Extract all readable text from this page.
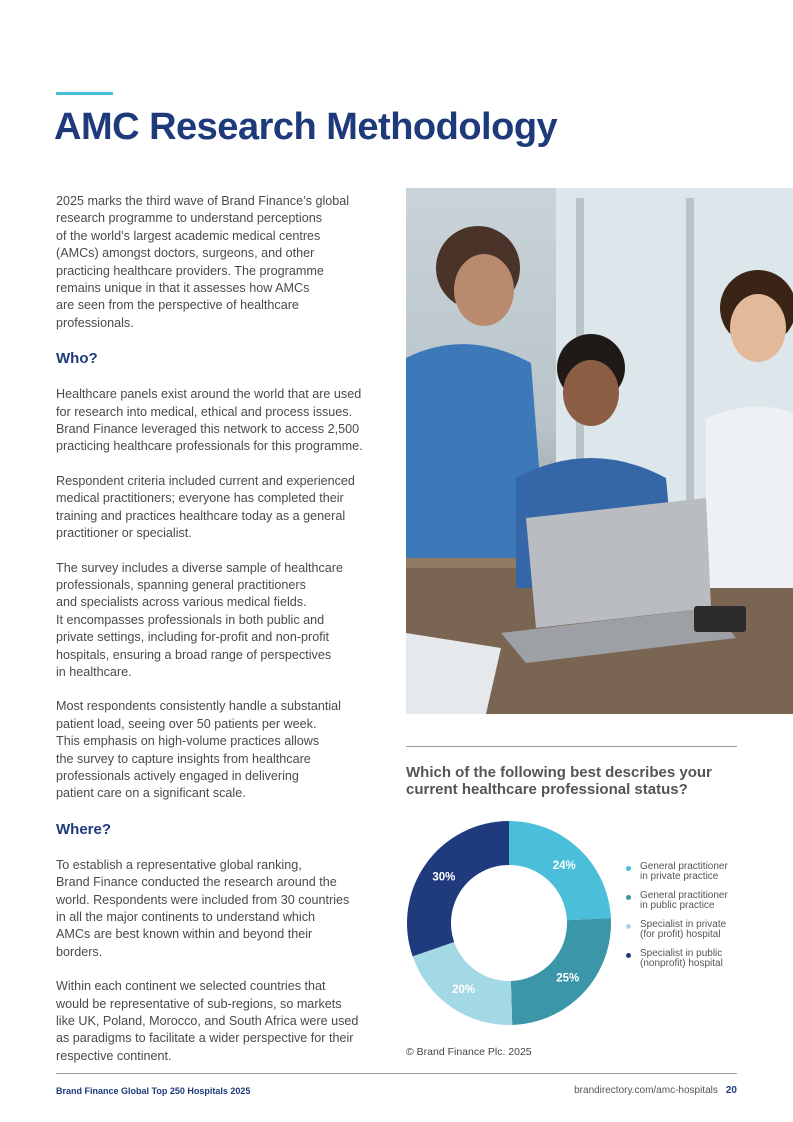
AMC Research Methodology

2025 marks the third wave of Brand Finance’s global
research programme to understand perceptions
of the world’s largest academic medical centres
(AMCs) amongst doctors, surgeons, and other
practicing healthcare providers. The programme
remains unique in that it assesses how AMCs
are seen from the perspective of healthcare
professionals.

Who?

Healthcare panels exist around the world that are used
for research into medical, ethical and process issues.
Brand Finance leveraged this network to access 2,500
practicing healthcare professionals for this programme.

Respondent criteria included current and experienced
medical practitioners; everyone has completed their
training and practices healthcare today as a general
practitioner or specialist.

The survey includes a diverse sample of healthcare
professionals, spanning general practitioners
and specialists across various medical fields.
It encompasses professionals in both public and
private settings, including for-profit and non-profit
hospitals, ensuring a broad range of perspectives
in healthcare.

Most respondents consistently handle a substantial
patient load, seeing over 50 patients per week.
This emphasis on high-volume practices allows
the survey to capture insights from healthcare
professionals actively engaged in delivering
patient care on a significant scale.

Where?

To establish a representative global ranking,
Brand Finance conducted the research around the
world. Respondents were included from 30 countries
in all the major continents to understand which
AMCs are best known within and beyond their
borders.

Within each continent we selected countries that
would be representative of sub-regions, so markets
like UK, Poland, Morocco, and South Africa were used
as paradigms to facilitate a wider perspective for their
respective continent.

Which of the following best describes your
current healthcare professional status?

24%
25%
20%
30%
General practitioner
in private practice
General practitioner
in public practice
Specialist in private
(for profit) hospital
Specialist in public
(nonprofit) hospital
© Brand Finance Plc. 2025
Brand Finance Global Top 250 Hospitals 2025	brandirectory.com/amc-hospitals 20
